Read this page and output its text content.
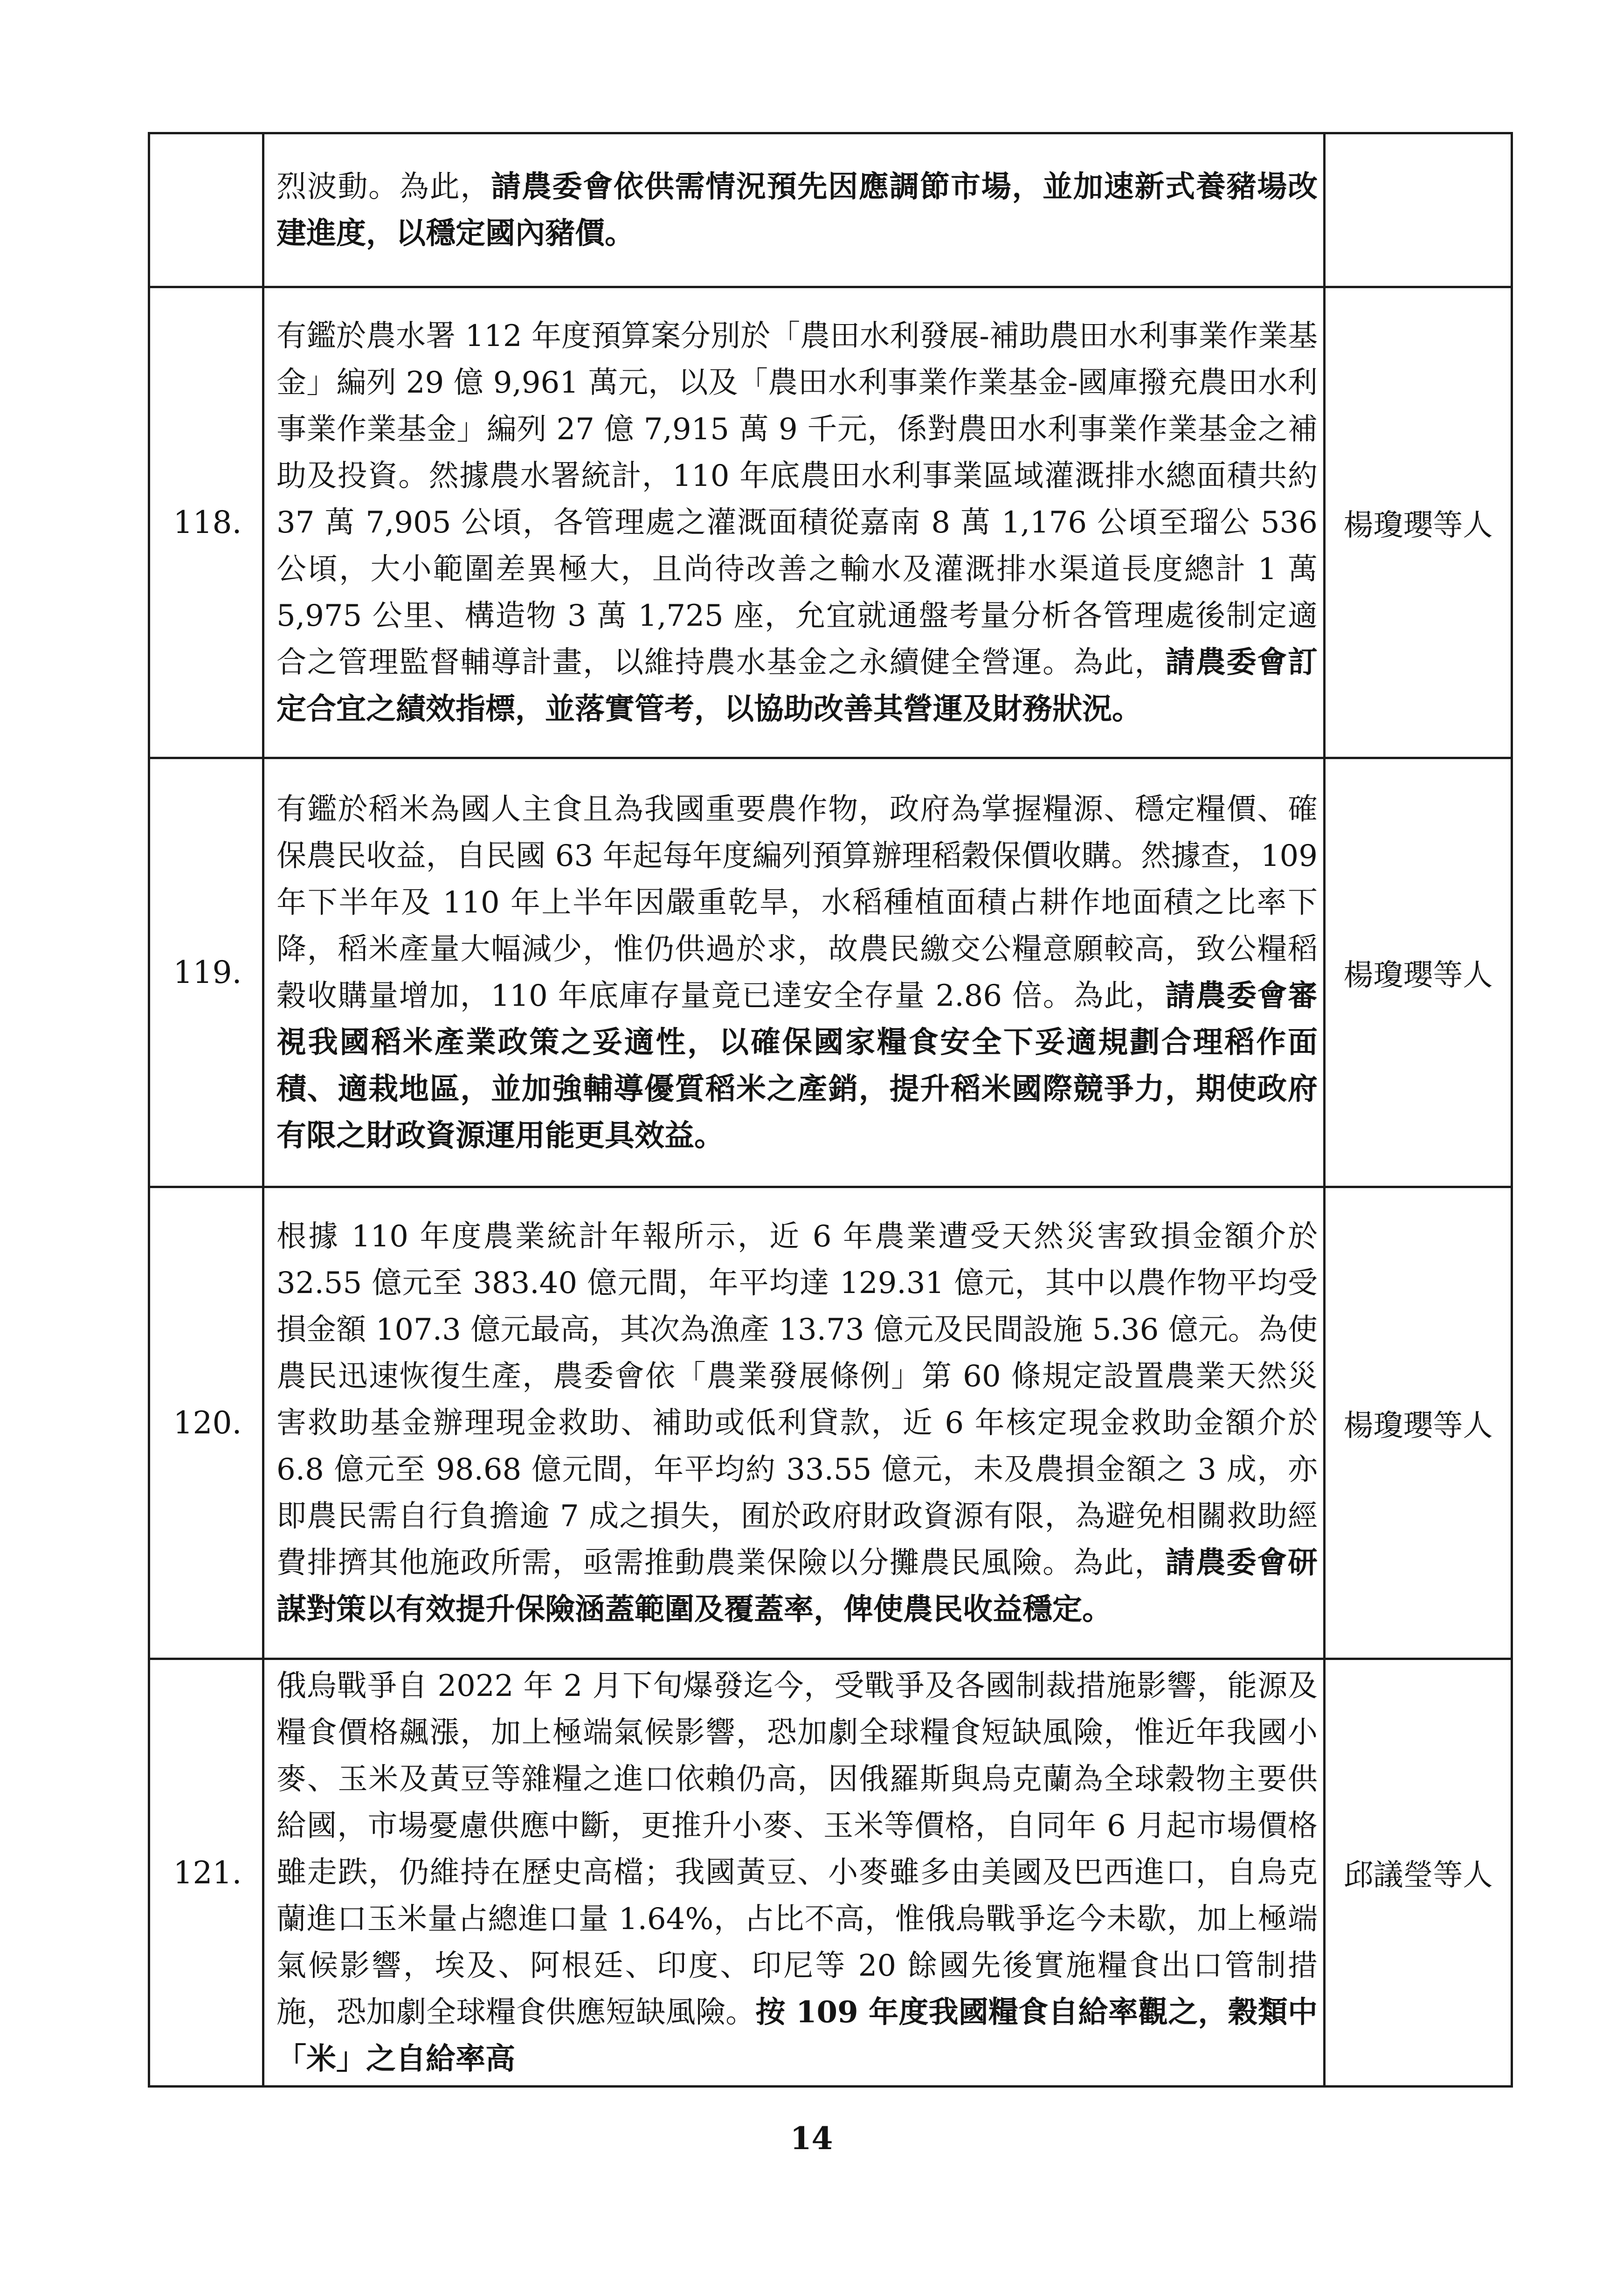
	烈波動。為此，請農委會依供需情況預先因應調節市場，並加速新式養豬場改建進度，以穩定國內豬價。	
118.	有鑑於農水署 112 年度預算案分別於「農田水利發展-補助農田水利事業作業基金」編列 29 億 9,961 萬元，以及「農田水利事業作業基金-國庫撥充農田水利事業作業基金」編列 27 億 7,915 萬 9 千元，係對農田水利事業作業基金之補助及投資。然據農水署統計，110 年底農田水利事業區域灌溉排水總面積共約 37 萬 7,905 公頃，各管理處之灌溉面積從嘉南 8 萬 1,176 公頃至瑠公 536 公頃，大小範圍差異極大，且尚待改善之輸水及灌溉排水渠道長度總計 1 萬 5,975 公里、構造物 3 萬 1,725 座，允宜就通盤考量分析各管理處後制定適合之管理監督輔導計畫，以維持農水基金之永續健全營運。為此，請農委會訂定合宜之績效指標，並落實管考，以協助改善其營運及財務狀況。	楊瓊瓔等人
119.	有鑑於稻米為國人主食且為我國重要農作物，政府為掌握糧源、穩定糧價、確保農民收益，自民國 63 年起每年度編列預算辦理稻穀保價收購。然據查，109 年下半年及 110 年上半年因嚴重乾旱，水稻種植面積占耕作地面積之比率下降，稻米產量大幅減少，惟仍供過於求，故農民繳交公糧意願較高，致公糧稻穀收購量增加，110 年底庫存量竟已達安全存量 2.86 倍。為此，請農委會審視我國稻米產業政策之妥適性，以確保國家糧食安全下妥適規劃合理稻作面積、適栽地區，並加強輔導優質稻米之產銷，提升稻米國際競爭力，期使政府有限之財政資源運用能更具效益。	楊瓊瓔等人
120.	根據 110 年度農業統計年報所示，近 6 年農業遭受天然災害致損金額介於 32.55 億元至 383.40 億元間，年平均達 129.31 億元，其中以農作物平均受損金額 107.3 億元最高，其次為漁產 13.73 億元及民間設施 5.36 億元。為使農民迅速恢復生產，農委會依「農業發展條例」第 60 條規定設置農業天然災害救助基金辦理現金救助、補助或低利貸款，近 6 年核定現金救助金額介於 6.8 億元至 98.68 億元間，年平均約 33.55 億元，未及農損金額之 3 成，亦即農民需自行負擔逾 7 成之損失，囿於政府財政資源有限，為避免相關救助經費排擠其他施政所需，亟需推動農業保險以分攤農民風險。為此，請農委會研謀對策以有效提升保險涵蓋範圍及覆蓋率，俾使農民收益穩定。	楊瓊瓔等人
121.	俄烏戰爭自 2022 年 2 月下旬爆發迄今，受戰爭及各國制裁措施影響，能源及糧食價格飆漲，加上極端氣候影響，恐加劇全球糧食短缺風險，惟近年我國小麥、玉米及黃豆等雜糧之進口依賴仍高，因俄羅斯與烏克蘭為全球穀物主要供給國，市場憂慮供應中斷，更推升小麥、玉米等價格，自同年 6 月起市場價格雖走跌，仍維持在歷史高檔；我國黃豆、小麥雖多由美國及巴西進口，自烏克蘭進口玉米量占總進口量 1.64%，占比不高，惟俄烏戰爭迄今未歇，加上極端氣候影響，埃及、阿根廷、印度、印尼等 20 餘國先後實施糧食出口管制措施，恐加劇全球糧食供應短缺風險。按 109 年度我國糧食自給率觀之，穀類中「米」之自給率高	邱議瑩等人
14
